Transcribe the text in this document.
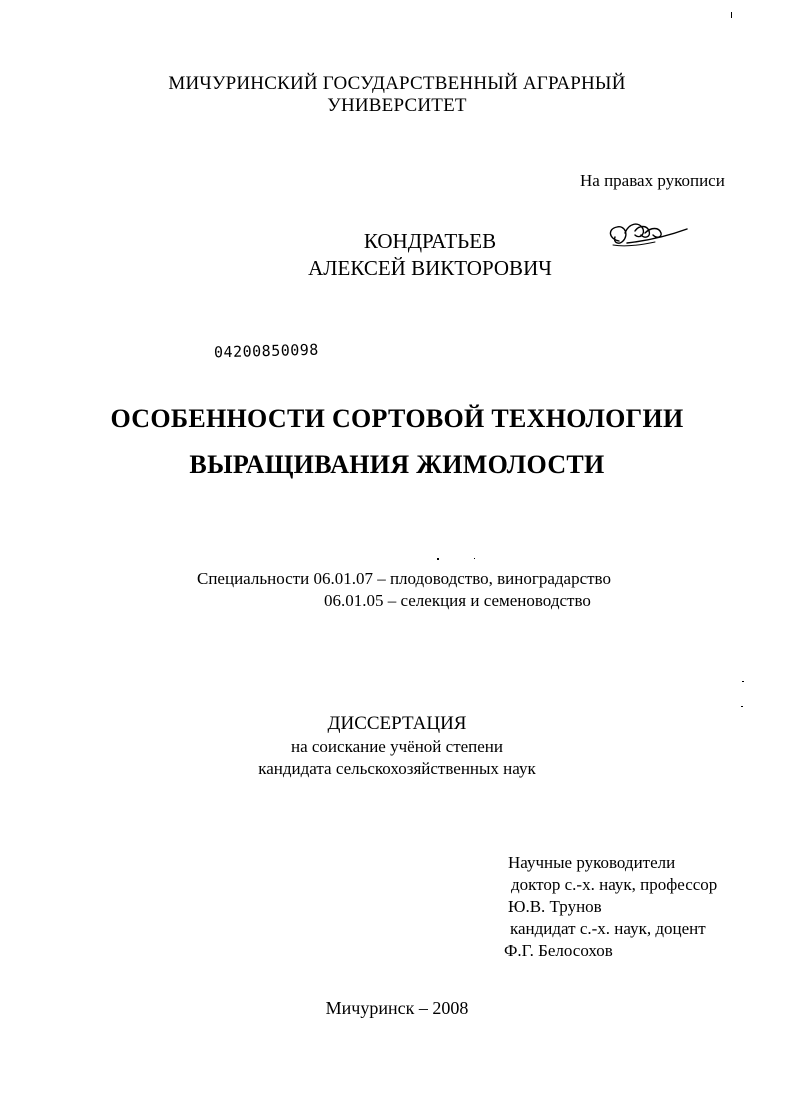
МИЧУРИНСКИЙ ГОСУДАРСТВЕННЫЙ АГРАРНЫЙ
УНИВЕРСИТЕТ
На правах рукописи
КОНДРАТЬЕВ
АЛЕКСЕЙ ВИКТОРОВИЧ
04200850098
ОСОБЕННОСТИ СОРТОВОЙ ТЕХНОЛОГИИ
ВЫРАЩИВАНИЯ ЖИМОЛОСТИ
Специальности 06.01.07 – плодоводство, виноградарство
06.01.05 – селекция и семеноводство
ДИССЕРТАЦИЯ
на соискание учёной степени
кандидата сельскохозяйственных наук
Научные руководители
доктор с.-х. наук, профессор
Ю.В. Трунов
кандидат с.-х. наук, доцент
Ф.Г. Белосохов
Мичуринск – 2008
